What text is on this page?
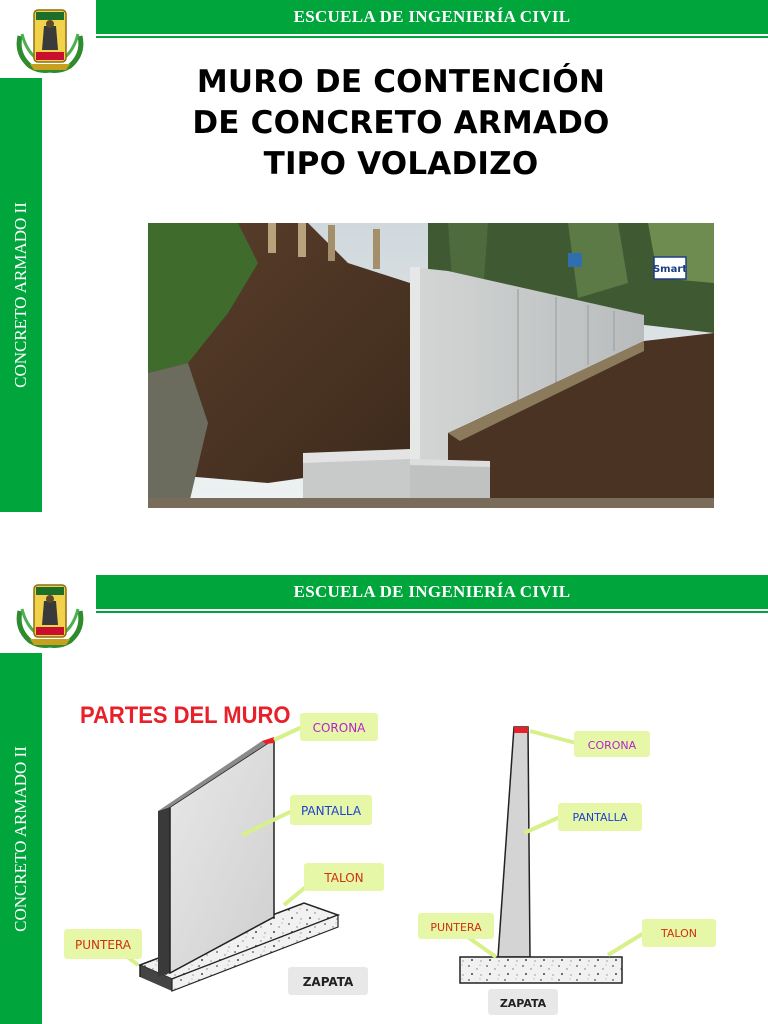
ESCUELA DE INGENIERÍA CIVIL
CONCRETO ARMADO II
MURO DE CONTENCIÓN
DE CONCRETO ARMADO
TIPO VOLADIZO
Smart
ESCUELA DE INGENIERÍA CIVIL
CONCRETO ARMADO II
PARTES DEL MURO CORONA
PANTALLA
TALON
PUNTERA
ZAPATA
CORONA
PANTALLA
PUNTERA	TALON
ZAPATA
